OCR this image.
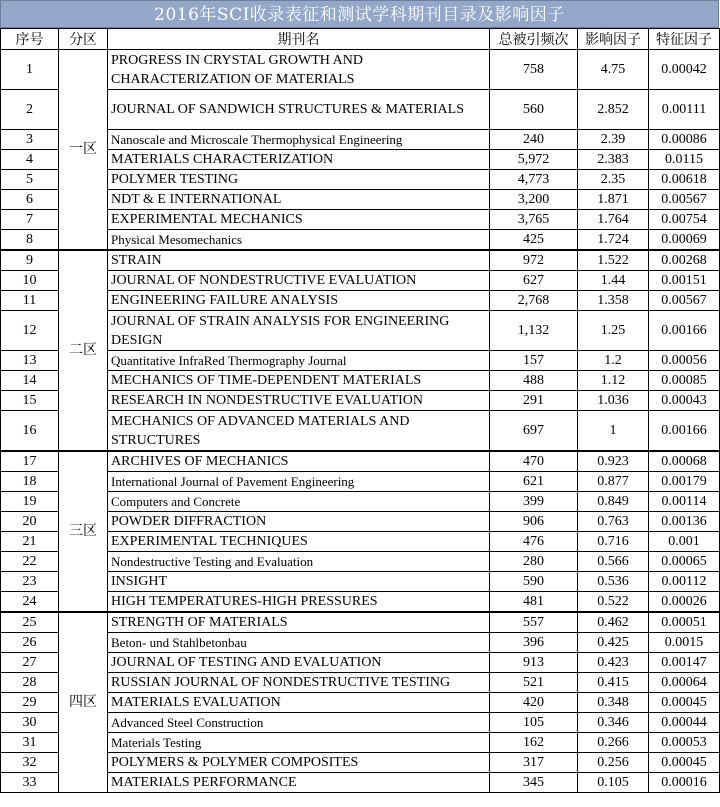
2016年SCI收录表征和测试学科期刊目录及影响因子
序号	分区	期刊名	总被引频次	影响因子	特征因子
1	一区	PROGRESS IN CRYSTAL GROWTH AND CHARACTERIZATION OF MATERIALS	758	4.75	0.00042
2		JOURNAL OF SANDWICH STRUCTURES & MATERIALS	560	2.852	0.00111
3		Nanoscale and Microscale Thermophysical Engineering	240	2.39	0.00086
4		MATERIALS CHARACTERIZATION	5,972	2.383	0.0115
5		POLYMER TESTING	4,773	2.35	0.00618
6		NDT & E INTERNATIONAL	3,200	1.871	0.00567
7		EXPERIMENTAL MECHANICS	3,765	1.764	0.00754
8		Physical Mesomechanics	425	1.724	0.00069
9	二区	STRAIN	972	1.522	0.00268
10		JOURNAL OF NONDESTRUCTIVE EVALUATION	627	1.44	0.00151
11		ENGINEERING FAILURE ANALYSIS	2,768	1.358	0.00567
12		JOURNAL OF STRAIN ANALYSIS FOR ENGINEERING DESIGN	1,132	1.25	0.00166
13		Quantitative InfraRed Thermography Journal	157	1.2	0.00056
14		MECHANICS OF TIME-DEPENDENT MATERIALS	488	1.12	0.00085
15		RESEARCH IN NONDESTRUCTIVE EVALUATION	291	1.036	0.00043
16		MECHANICS OF ADVANCED MATERIALS AND STRUCTURES	697	1	0.00166
17	三区	ARCHIVES OF MECHANICS	470	0.923	0.00068
18		International Journal of Pavement Engineering	621	0.877	0.00179
19		Computers and Concrete	399	0.849	0.00114
20		POWDER DIFFRACTION	906	0.763	0.00136
21		EXPERIMENTAL TECHNIQUES	476	0.716	0.001
22		Nondestructive Testing and Evaluation	280	0.566	0.00065
23		INSIGHT	590	0.536	0.00112
24		HIGH TEMPERATURES-HIGH PRESSURES	481	0.522	0.00026
25	四区	STRENGTH OF MATERIALS	557	0.462	0.00051
26		Beton- und Stahlbetonbau	396	0.425	0.0015
27		JOURNAL OF TESTING AND EVALUATION	913	0.423	0.00147
28		RUSSIAN JOURNAL OF NONDESTRUCTIVE TESTING	521	0.415	0.00064
29		MATERIALS EVALUATION	420	0.348	0.00045
30		Advanced Steel Construction	105	0.346	0.00044
31		Materials Testing	162	0.266	0.00053
32		POLYMERS & POLYMER COMPOSITES	317	0.256	0.00045
33		MATERIALS PERFORMANCE	345	0.105	0.00016
